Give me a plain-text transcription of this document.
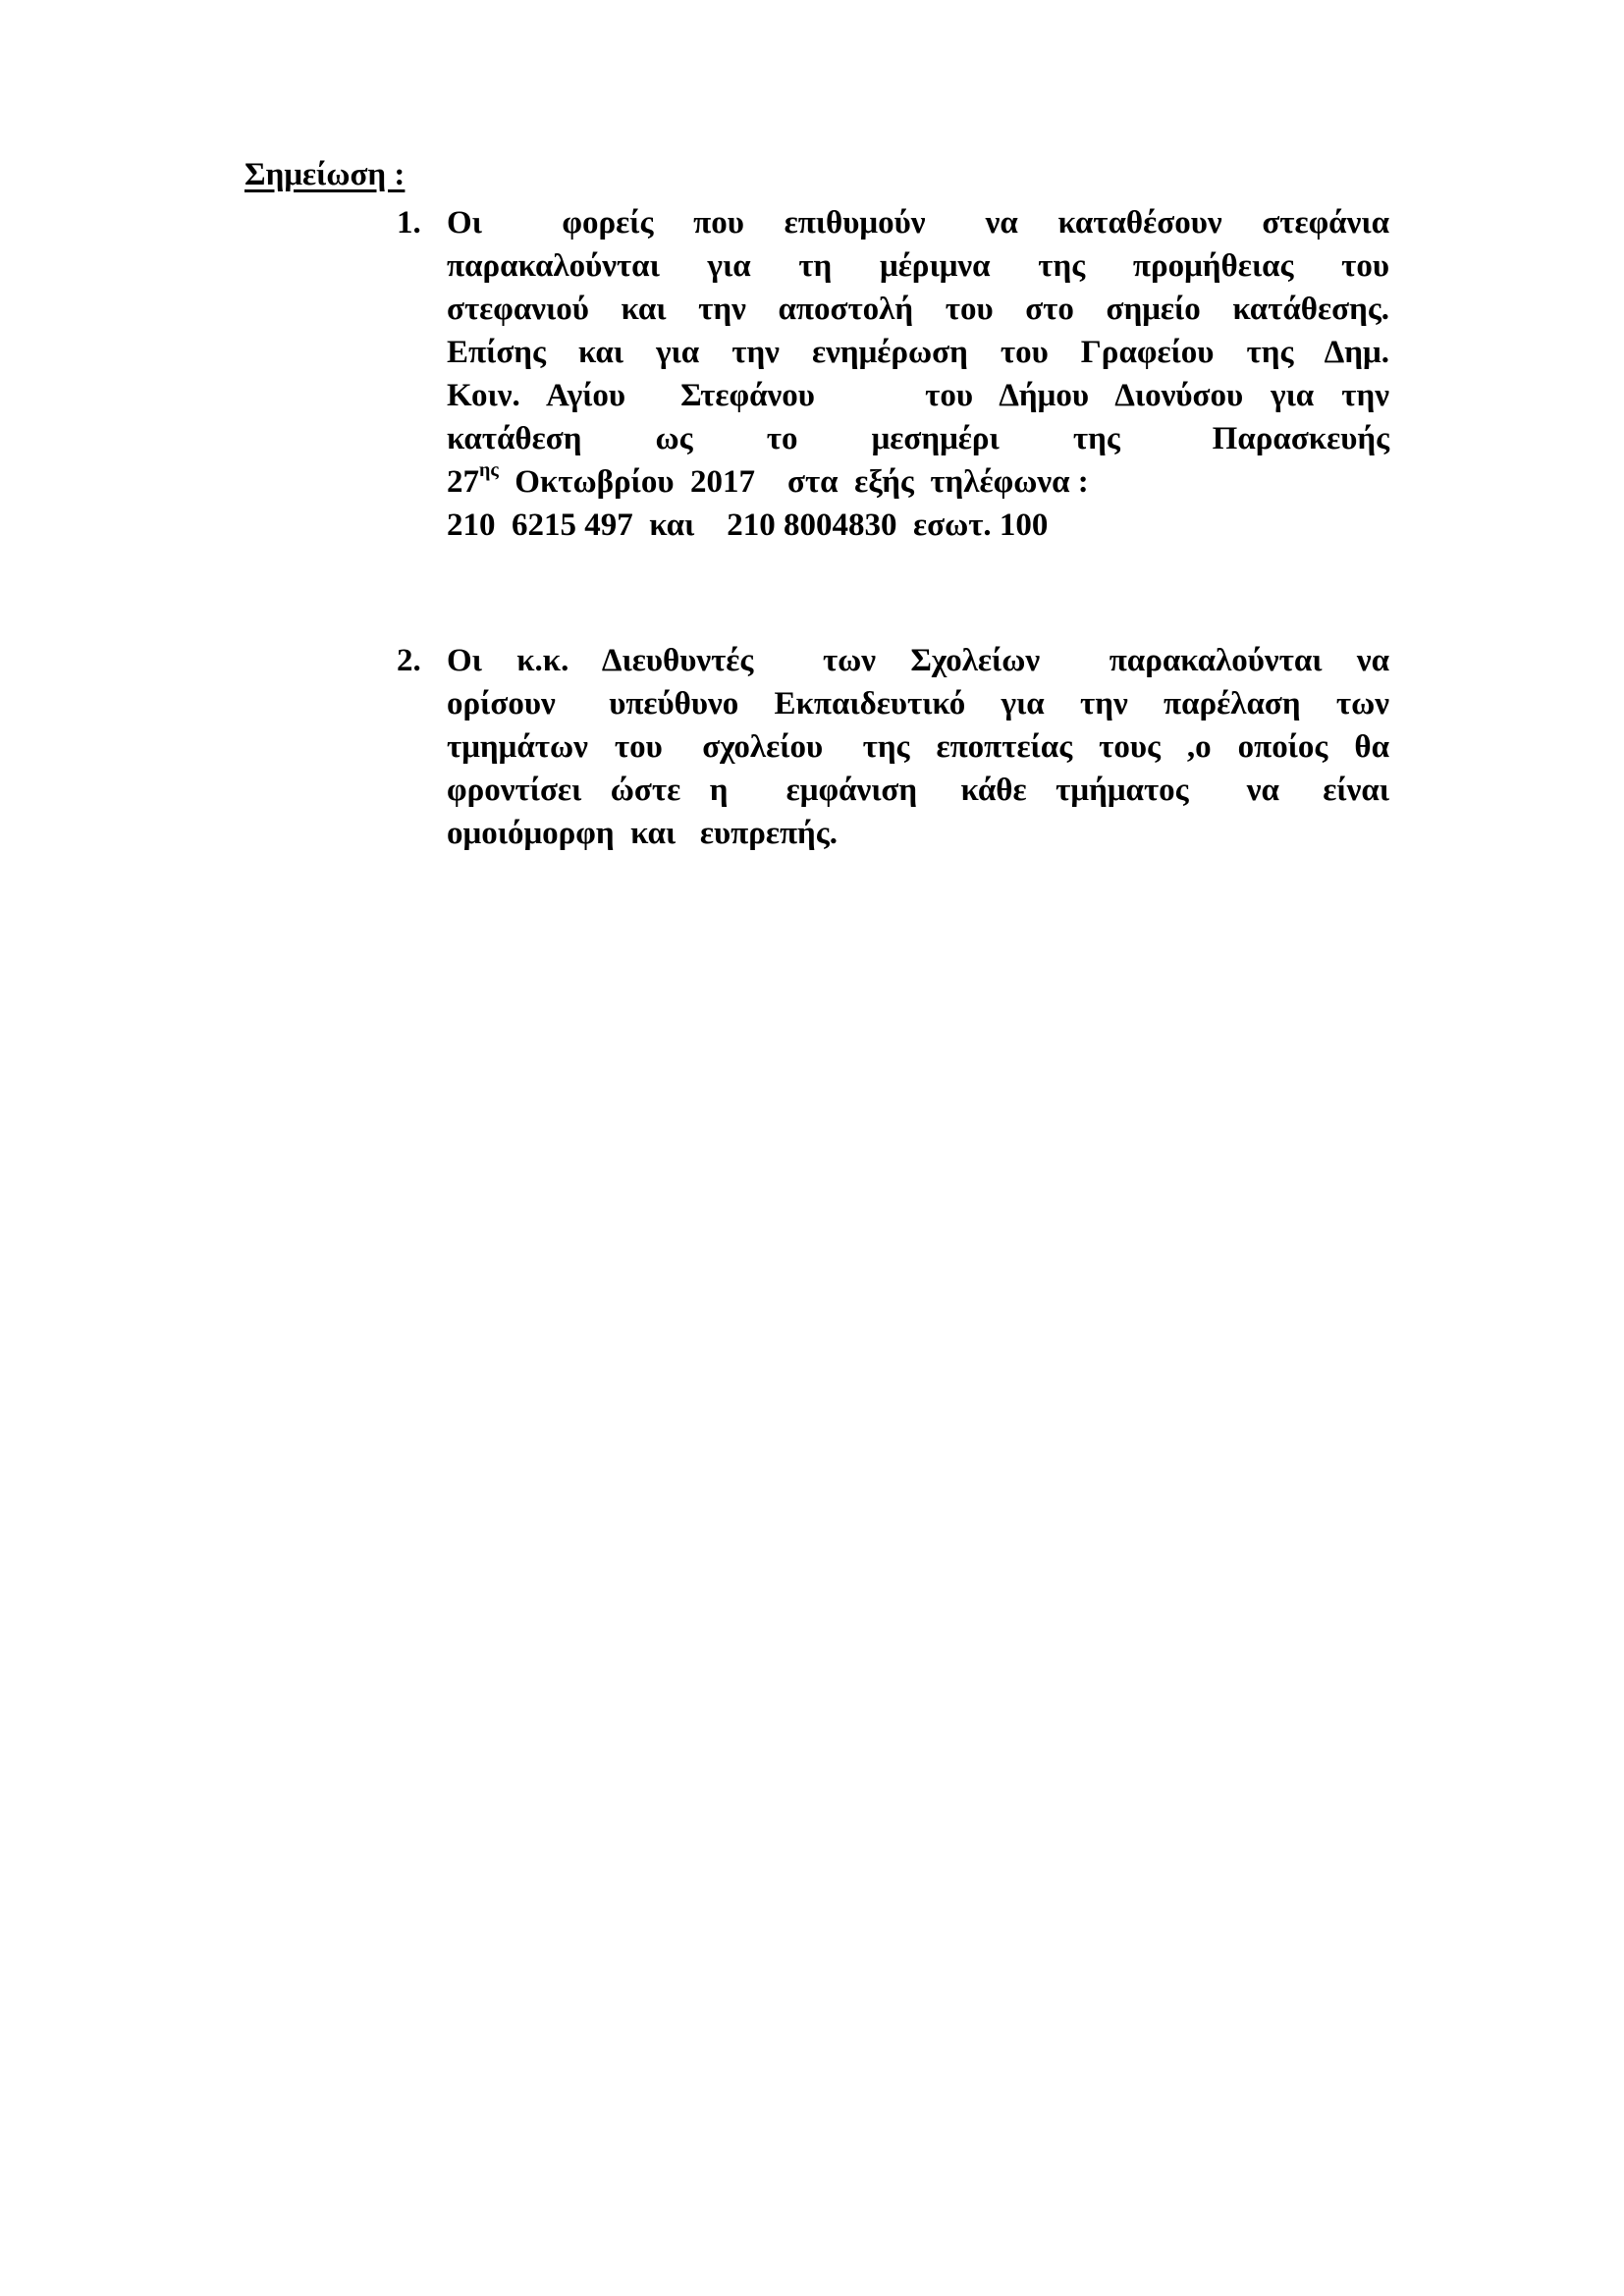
Σημείωση :
1. Οι    φορείς  που  επιθυμούν   να  καταθέσουν  στεφάνια
παρακαλούνται  για  τη  μέριμνα  της  προμήθειας  του
στεφανιού και την αποστολή του στο σημείο κατάθεσης.
Επίσης και για την ενημέρωση του Γραφείου της Δημ.
Κοιν. Αγίου  Στεφάνου    του Δήμου Διονύσου για την
κατάθεση    ως    το    μεσημέρι    της     Παρασκευής
$27^{\eta\varsigma}$  Οκτωβρίου  2017    στα  εξής  τηλέφωνα :
210  6215 497  και    210 8004830  εσωτ. 100
2. Οι  κ.κ.  Διευθυντές    των  Σχολείων    παρακαλούνται  να
ορίσουν   υπεύθυνο  Εκπαιδευτικό  για  την  παρέλαση  των
τμημάτων  του   σχολείου   της  εποπτείας  τους  ,ο  οποίος  θα
φροντίσει  ώστε  η    εμφάνιση   κάθε  τμήματος    να   είναι
ομοιόμορφη  και   ευπρεπής.
